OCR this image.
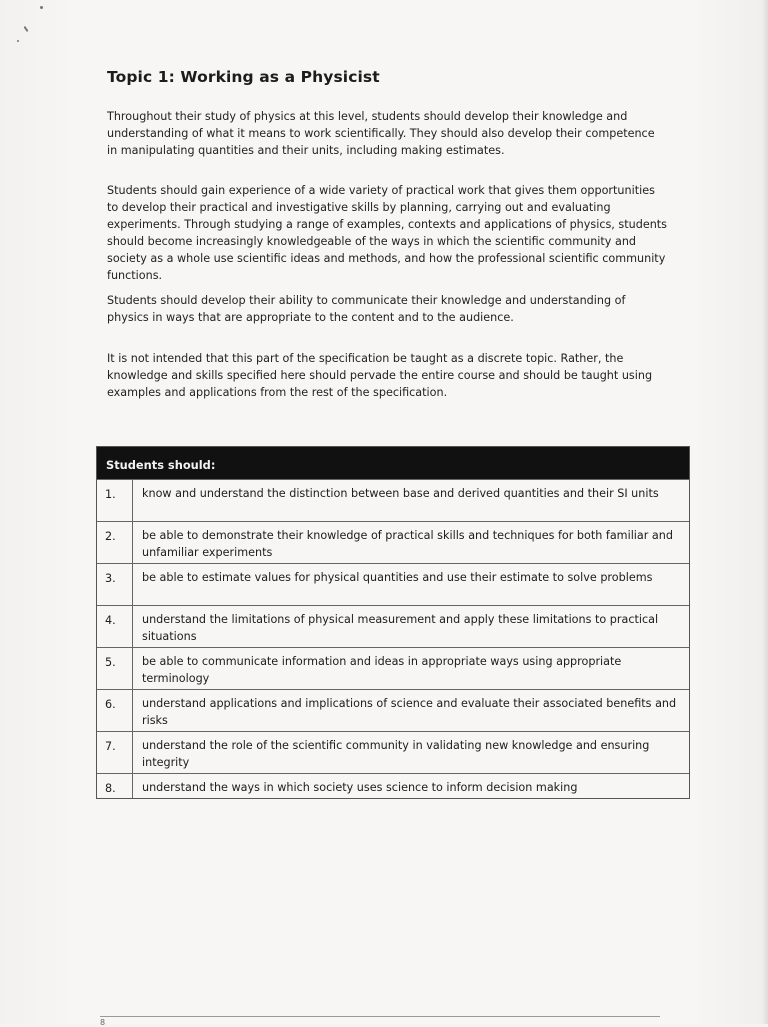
Topic 1: Working as a Physicist

Throughout their study of physics at this level, students should develop their knowledge and understanding of what it means to work scientifically. They should also develop their competence in manipulating quantities and their units, including making estimates.

Students should gain experience of a wide variety of practical work that gives them opportunities to develop their practical and investigative skills by planning, carrying out and evaluating experiments. Through studying a range of examples, contexts and applications of physics, students should become increasingly knowledgeable of the ways in which the scientific community and society as a whole use scientific ideas and methods, and how the professional scientific community functions.

Students should develop their ability to communicate their knowledge and understanding of physics in ways that are appropriate to the content and to the audience.

It is not intended that this part of the specification be taught as a discrete topic. Rather, the knowledge and skills specified here should pervade the entire course and should be taught using examples and applications from the rest of the specification.

Students should:
1.	know and understand the distinction between base and derived quantities and their SI units
2.	be able to demonstrate their knowledge of practical skills and techniques for both familiar and unfamiliar experiments
3.	be able to estimate values for physical quantities and use their estimate to solve problems
4.	understand the limitations of physical measurement and apply these limitations to practical situations
5.	be able to communicate information and ideas in appropriate ways using appropriate terminology
6.	understand applications and implications of science and evaluate their associated benefits and risks
7.	understand the role of the scientific community in validating new knowledge and ensuring integrity
8.	understand the ways in which society uses science to inform decision making
8
